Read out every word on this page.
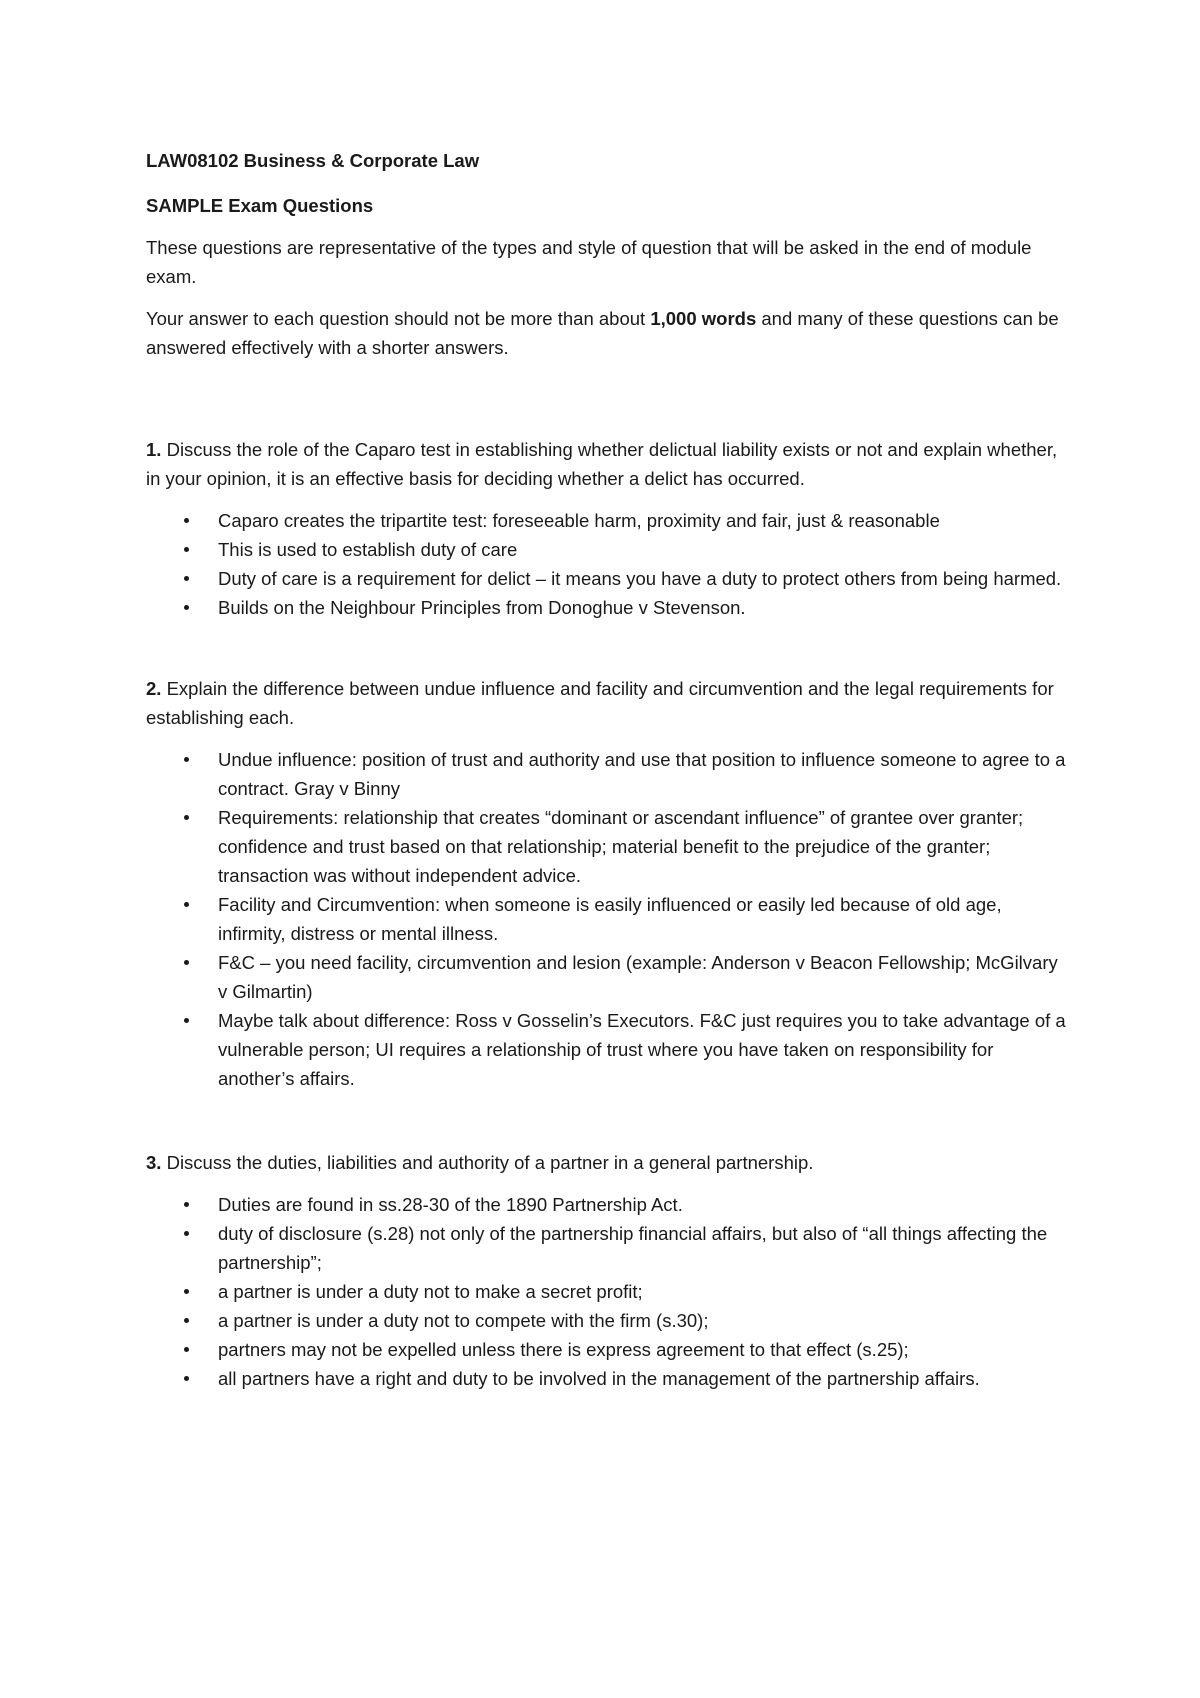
LAW08102 Business & Corporate Law

SAMPLE Exam Questions

These questions are representative of the types and style of question that will be asked in the end of module exam.

Your answer to each question should not be more than about 1,000 words and many of these questions can be answered effectively with a shorter answers.

1. Discuss the role of the Caparo test in establishing whether delictual liability exists or not and explain whether, in your opinion, it is an effective basis for deciding whether a delict has occurred.

Caparo creates the tripartite test: foreseeable harm, proximity and fair, just & reasonable
This is used to establish duty of care
Duty of care is a requirement for delict – it means you have a duty to protect others from being harmed.
Builds on the Neighbour Principles from Donoghue v Stevenson.

2. Explain the difference between undue influence and facility and circumvention and the legal requirements for establishing each.

Undue influence: position of trust and authority and use that position to influence someone to agree to a contract. Gray v Binny
Requirements: relationship that creates “dominant or ascendant influence” of grantee over granter; confidence and trust based on that relationship; material benefit to the prejudice of the granter; transaction was without independent advice.
Facility and Circumvention: when someone is easily influenced or easily led because of old age, infirmity, distress or mental illness.
F&C – you need facility, circumvention and lesion (example: Anderson v Beacon Fellowship; McGilvary v Gilmartin)
Maybe talk about difference: Ross v Gosselin’s Executors. F&C just requires you to take advantage of a vulnerable person; UI requires a relationship of trust where you have taken on responsibility for another’s affairs.

3. Discuss the duties, liabilities and authority of a partner in a general partnership.

Duties are found in ss.28-30 of the 1890 Partnership Act.
duty of disclosure (s.28) not only of the partnership financial affairs, but also of “all things affecting the partnership”;
a partner is under a duty not to make a secret profit;
a partner is under a duty not to compete with the firm (s.30);
partners may not be expelled unless there is express agreement to that effect (s.25);
all partners have a right and duty to be involved in the management of the partnership affairs.
